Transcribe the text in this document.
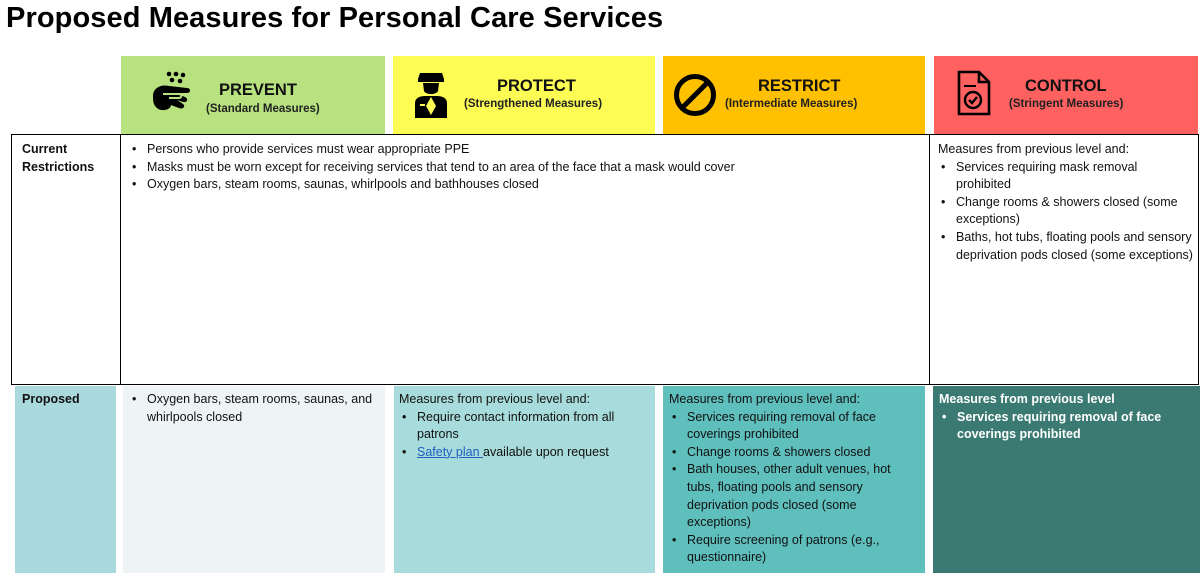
Proposed Measures for Personal Care Services
PREVENT
(Standard Measures)
PROTECT
(Strengthened Measures)
RESTRICT
(Intermediate Measures)
CONTROL
(Stringent Measures)
Current
Restrictions
• Persons who provide services must wear appropriate PPE
• Masks must be worn except for receiving services that tend to an area of the face that a mask would cover
• Oxygen bars, steam rooms, saunas, whirlpools and bathhouses closed
Measures from previous level and:
• Services requiring mask removal prohibited
• Change rooms & showers closed (some exceptions)
• Baths, hot tubs, floating pools and sensory deprivation pods closed (some exceptions)
Proposed
•	Oxygen bars, steam rooms, saunas, and whirlpools closed
Measures from previous level and:
• Require contact information from all patrons
• Safety plan available upon request
Measures from previous level and:
• Services requiring removal of face coverings prohibited
• Change rooms & showers closed
• Bath houses, other adult venues, hot tubs, floating pools and sensory deprivation pods closed (some exceptions)
• Require screening of patrons (e.g., questionnaire)
Measures from previous level
• Services requiring removal of face coverings prohibited
